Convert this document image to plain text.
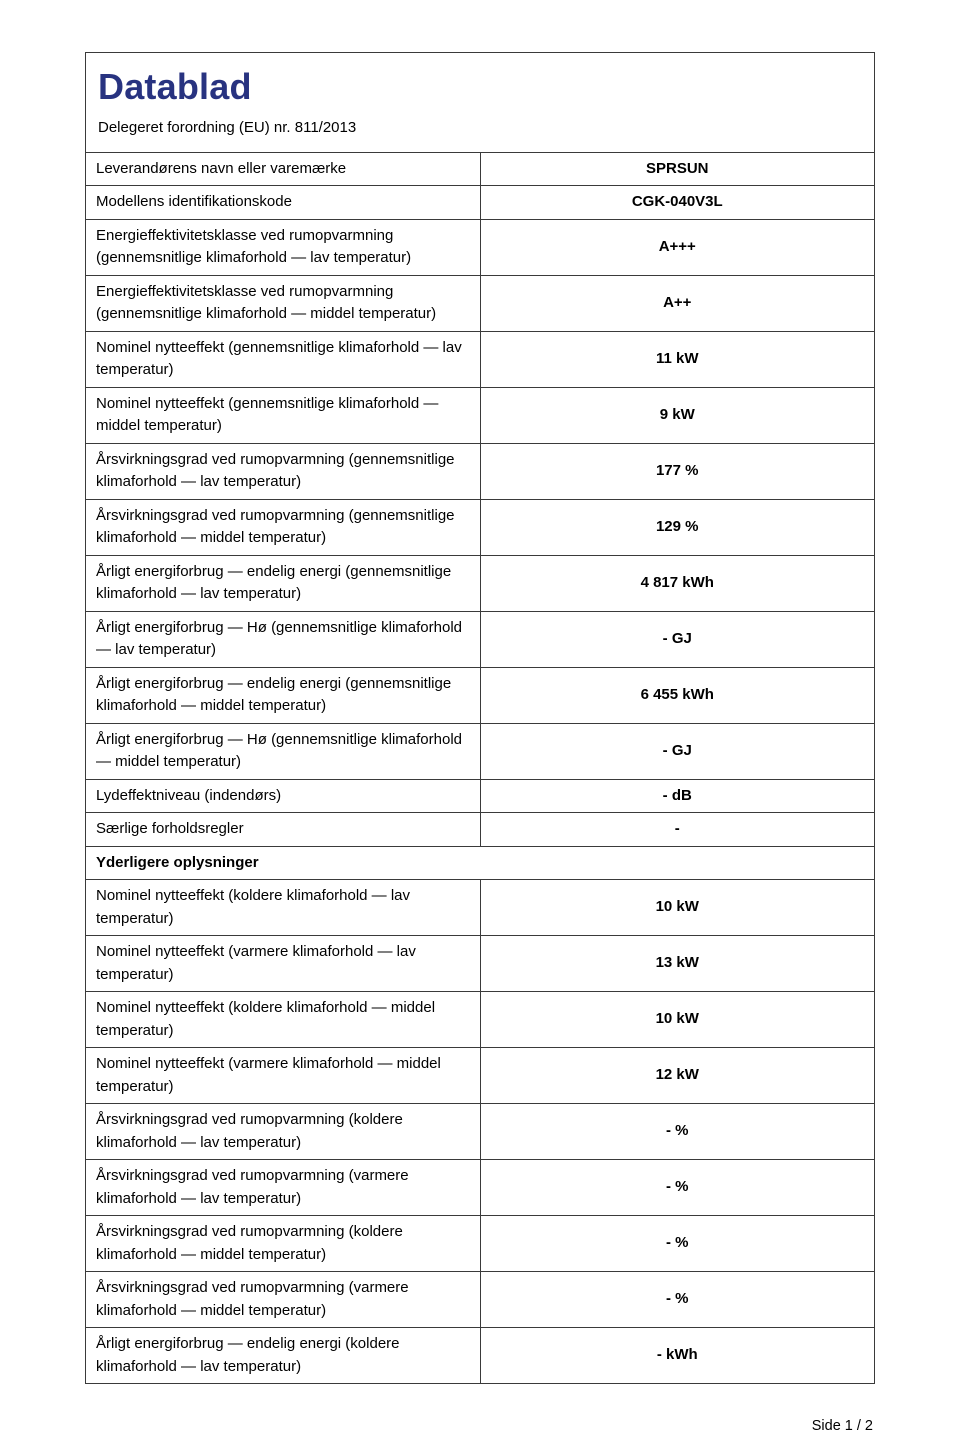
Datablad
Delegeret forordning (EU) nr. 811/2013
Leverandørens navn eller varemærke	SPRSUN
Modellens identifikationskode	CGK-040V3L
Energieffektivitetsklasse ved rumopvarmning (gennemsnitlige klimaforhold — lav temperatur)	A+++
Energieffektivitetsklasse ved rumopvarmning (gennemsnitlige klimaforhold — middel temperatur)	A++
Nominel nytteeffekt (gennemsnitlige klimaforhold — lav temperatur)	11 kW
Nominel nytteeffekt (gennemsnitlige klimaforhold — middel temperatur)	9 kW
Årsvirkningsgrad ved rumopvarmning (gennemsnitlige klimaforhold — lav temperatur)	177 %
Årsvirkningsgrad ved rumopvarmning (gennemsnitlige klimaforhold — middel temperatur)	129 %
Årligt energiforbrug — endelig energi (gennemsnitlige klimaforhold — lav temperatur)	4 817 kWh
Årligt energiforbrug — Hø (gennemsnitlige klimaforhold — lav temperatur)	- GJ
Årligt energiforbrug — endelig energi (gennemsnitlige klimaforhold — middel temperatur)	6 455 kWh
Årligt energiforbrug — Hø (gennemsnitlige klimaforhold — middel temperatur)	- GJ
Lydeffektniveau (indendørs)	- dB
Særlige forholdsregler	-
Yderligere oplysninger	
Nominel nytteeffekt (koldere klimaforhold — lav temperatur)	10 kW
Nominel nytteeffekt (varmere klimaforhold — lav temperatur)	13 kW
Nominel nytteeffekt (koldere klimaforhold — middel temperatur)	10 kW
Nominel nytteeffekt (varmere klimaforhold — middel temperatur)	12 kW
Årsvirkningsgrad ved rumopvarmning (koldere klimaforhold — lav temperatur)	- %
Årsvirkningsgrad ved rumopvarmning (varmere klimaforhold — lav temperatur)	- %
Årsvirkningsgrad ved rumopvarmning (koldere klimaforhold — middel temperatur)	- %
Årsvirkningsgrad ved rumopvarmning (varmere klimaforhold — middel temperatur)	- %
Årligt energiforbrug — endelig energi (koldere klimaforhold — lav temperatur)	- kWh
Side 1 / 2
